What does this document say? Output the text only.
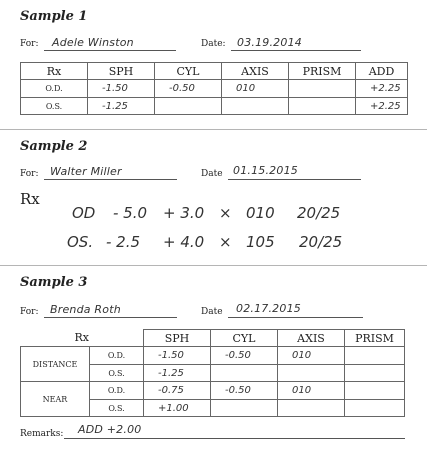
Sample 1
For: Adele Winston	Date: 03.19.2014
Rx	SPH	CYL	AXIS	PRISM	ADD
O.D.	-1.50	-0.50	010		+2.25
O.S.	-1.25				+2.25
Sample 2
For: Walter Miller	Date 01.15.2015
Rx
OD - 5.0 + 3.0 × 010 20/25
OS. - 2.5 + 4.0 × 105 20/25
Sample 3
For: Brenda Roth	Date 02.17.2015
Rx		SPH	CYL	AXIS	PRISM
DISTANCE	O.D.	-1.50	-0.50	010	
	O.S.	-1.25			
NEAR	O.D.	-0.75	-0.50	010	
	O.S.	+1.00			
Remarks: ADD +2.00
